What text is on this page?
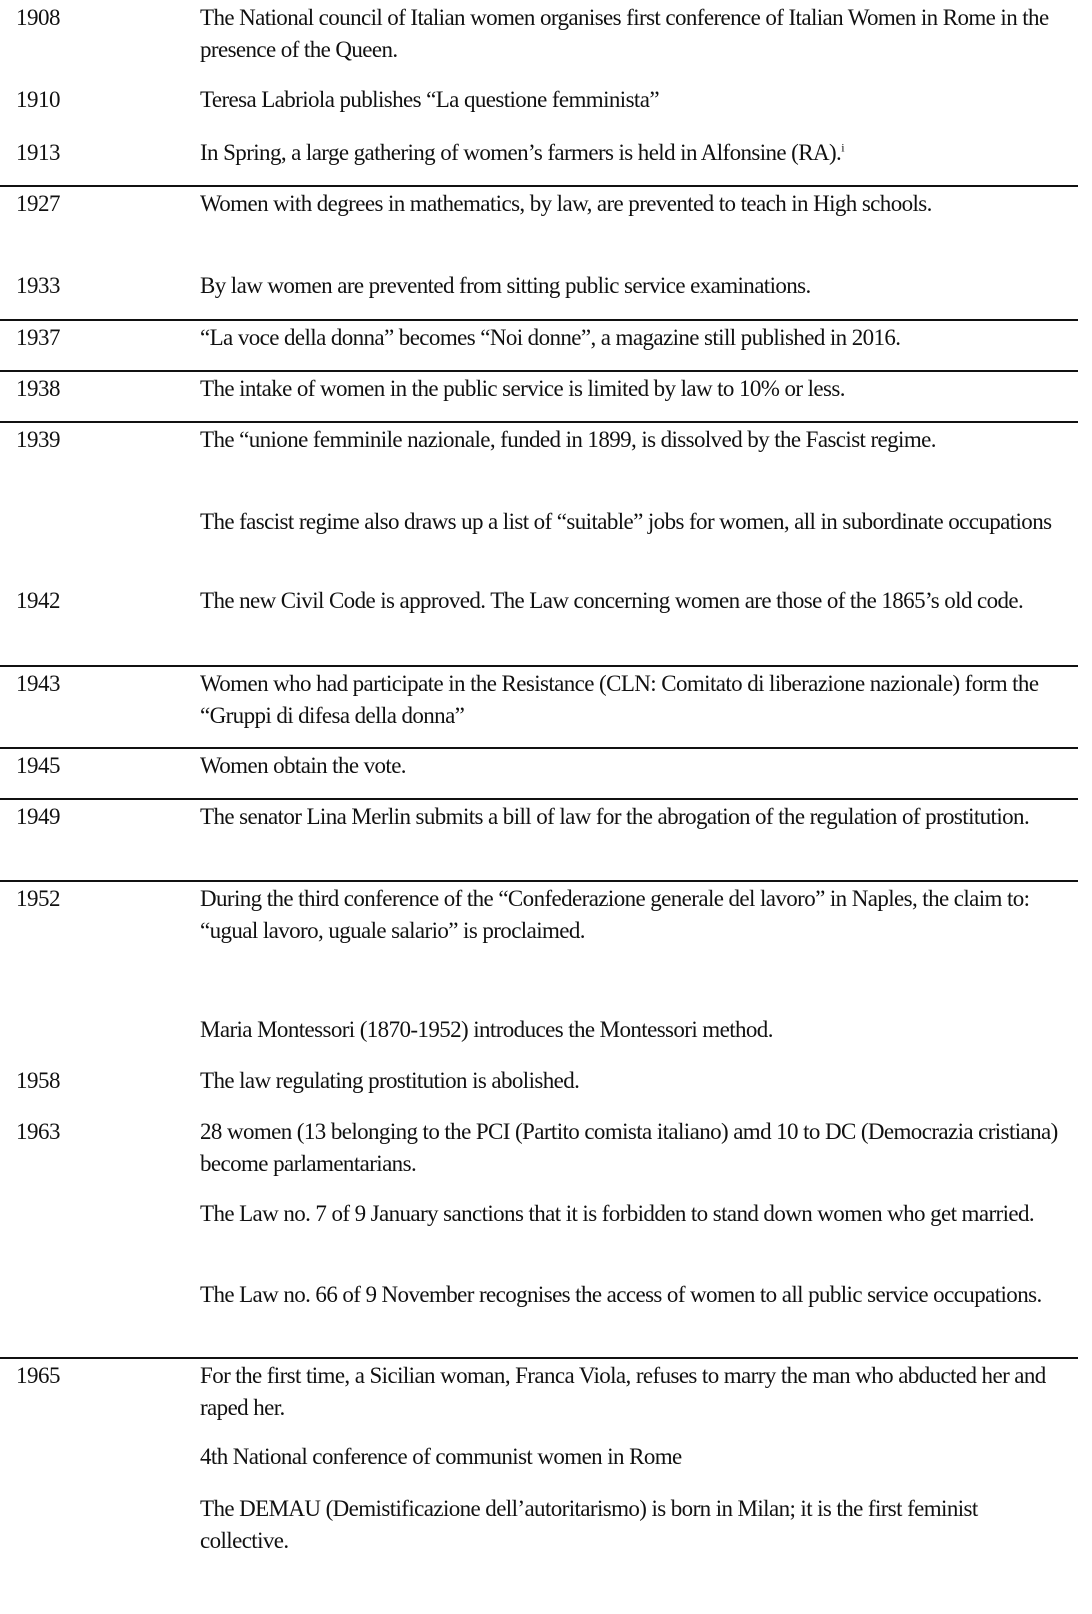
1908	The National council of Italian women organises first conference of Italian Women in Rome in the presence of the Queen.
1910	Teresa Labriola publishes “La questione femminista”
1913	In Spring, a large gathering of women’s farmers is held in Alfonsine (RA).$^i$
1927	Women with degrees in mathematics, by law, are prevented to teach in High schools.
1933	By law women are prevented from sitting public service examinations.
1937	“La voce della donna” becomes “Noi donne”, a magazine still published in 2016.
1938	The intake of women in the public service is limited by law to 10% or less.
1939	The “unione femminile nazionale, funded in 1899, is dissolved by the Fascist regime.
The fascist regime also draws up a list of “suitable” jobs for women, all in subordinate occupations
1942	The new Civil Code is approved. The Law concerning women are those of the 1865’s old code.
1943	Women who had participate in the Resistance (CLN: Comitato di liberazione nazionale) form the “Gruppi di difesa della donna”
1945	Women obtain the vote.
1949	The senator Lina Merlin submits a bill of law for the abrogation of the regulation of prostitution.
1952	During the third conference of the “Confederazione generale del lavoro” in Naples, the claim to: “ugual lavoro, uguale salario” is proclaimed.
Maria Montessori (1870-1952) introduces the Montessori method.
1958	The law regulating prostitution is abolished.
1963	28 women (13 belonging to the PCI (Partito comista italiano) amd 10 to DC (Democrazia cristiana) become parlamentarians.
The Law no. 7 of 9 January sanctions that it is forbidden to stand down women who get married.
The Law no. 66 of 9 November recognises the access of women to all public service occupations.
1965	For the first time, a Sicilian woman, Franca Viola, refuses to marry the man who abducted her and raped her.
4th National conference of communist women in Rome
The DEMAU (Demistificazione dell’autoritarismo) is born in Milan; it is the first feminist collective.
